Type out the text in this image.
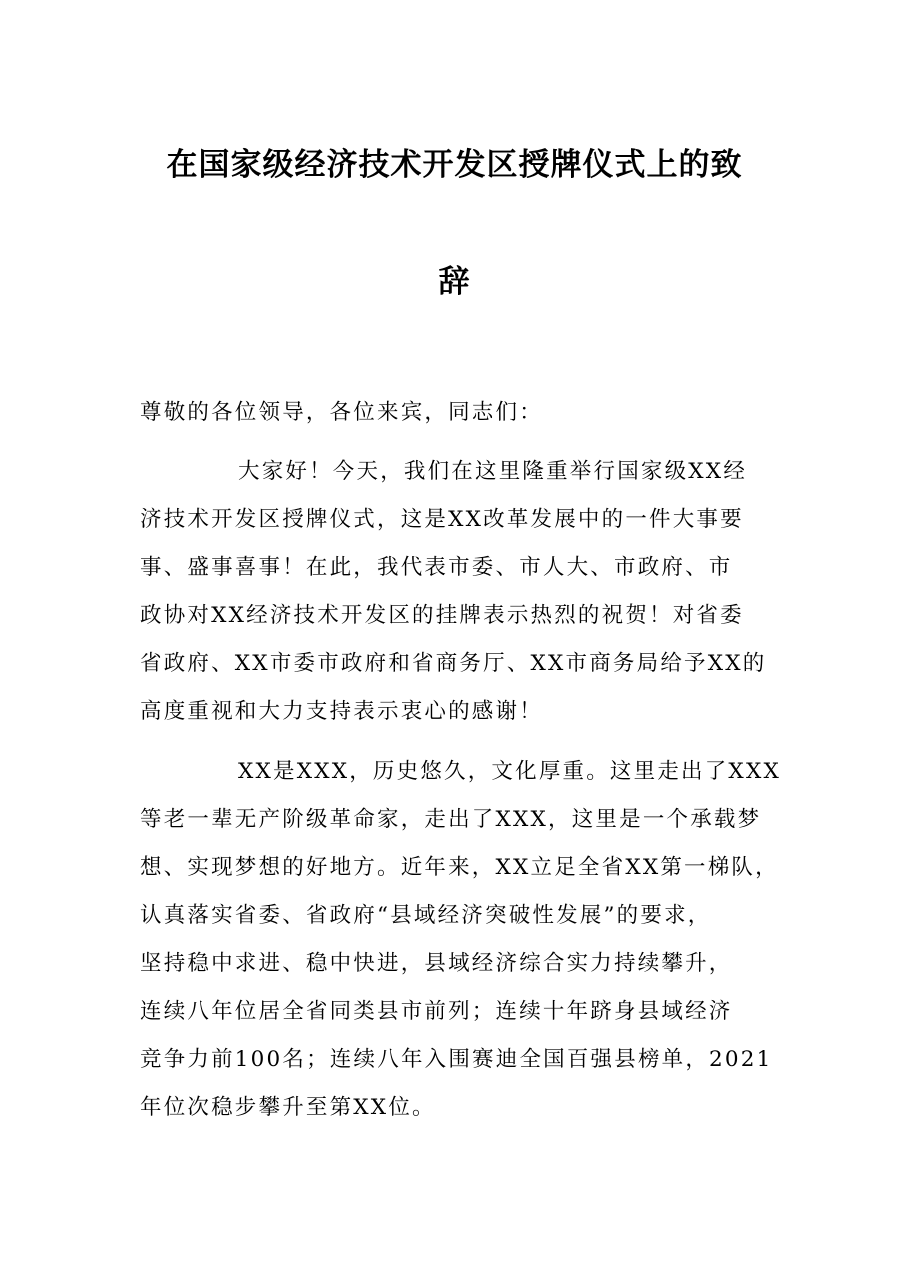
在国家级经济技术开发区授牌仪式上的致
辞
尊敬的各位领导，各位来宾，同志们：
大家好！今天，我们在这里隆重举行国家级XX经
济技术开发区授牌仪式，这是XX改革发展中的一件大事要
事、盛事喜事！在此，我代表市委、市人大、市政府、市
政协对XX经济技术开发区的挂牌表示热烈的祝贺！对省委
省政府、XX市委市政府和省商务厅、XX市商务局给予XX的
高度重视和大力支持表示衷心的感谢！
XX是XXX，历史悠久，文化厚重。这里走出了XXX
等老一辈无产阶级革命家，走出了XXX，这里是一个承载梦
想、实现梦想的好地方。近年来，XX立足全省XX第一梯队，
认真落实省委、省政府“县域经济突破性发展”的要求，
坚持稳中求进、稳中快进，县域经济综合实力持续攀升，
连续八年位居全省同类县市前列；连续十年跻身县域经济
竞争力前100名；连续八年入围赛迪全国百强县榜单，2021
年位次稳步攀升至第XX位。
